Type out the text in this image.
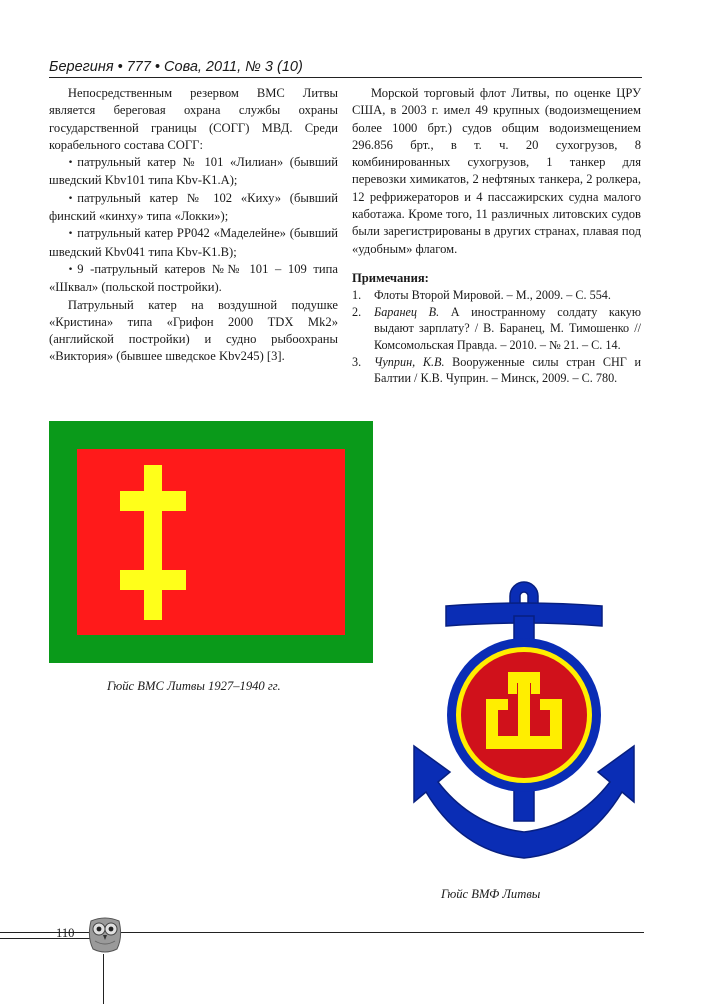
Берегиня • 777 • Сова, 2011, № 3 (10)

Непосредственным резервом ВМС Литвы является береговая охрана службы охраны государственной границы (СОГГ) МВД. Среди корабельного состава СОГГ:

• патрульный катер № 101 «Лилиан» (бывший шведский Kbv101 типа Kbv-K1.A);

• патрульный катер № 102 «Киху» (бывший финский «кинху» типа «Локки»);

• патрульный катер PP042 «Маделейне» (бывший шведский Kbv041 типа Kbv-K1.B);

• 9 -патрульный катеров №№ 101 – 109 типа «Шквал» (польской постройки).

Патрульный катер на воздушной подушке «Кристина» типа «Грифон 2000 TDX Mk2» (английской постройки) и судно рыбоохраны «Виктория» (бывшее шведское Kbv245) [3].

Морской торговый флот Литвы, по оценке ЦРУ США, в 2003 г. имел 49 крупных (водоизмещением более 1000 брт.) судов общим водоизмещением 296.856 брт., в т. ч. 20 сухогрузов, 8 комбинированных сухогрузов, 1 танкер для перевозки химикатов, 2 нефтяных танкера, 2 ролкера, 12 рефрижераторов и 4 пассажирских судна малого каботажа. Кроме того, 11 различных литовских судов были зарегистрированы в других странах, плавая под «удобным» флагом.

Примечания:

1.	Флоты Второй Мировой. – М., 2009. – С. 554.
2.	Баранец В. А иностранному солдату какую выдают зарплату? / В. Баранец, М. Тимошенко // Комсомольская Правда. – 2010. – № 21. – С. 14.
3.	Чуприн, К.В. Вооруженные силы стран СНГ и Балтии / К.В. Чуприн. – Минск, 2009. – С. 780.
Гюйс ВМС Литвы 1927–1940 гг.
Гюйс ВМФ Литвы
110
